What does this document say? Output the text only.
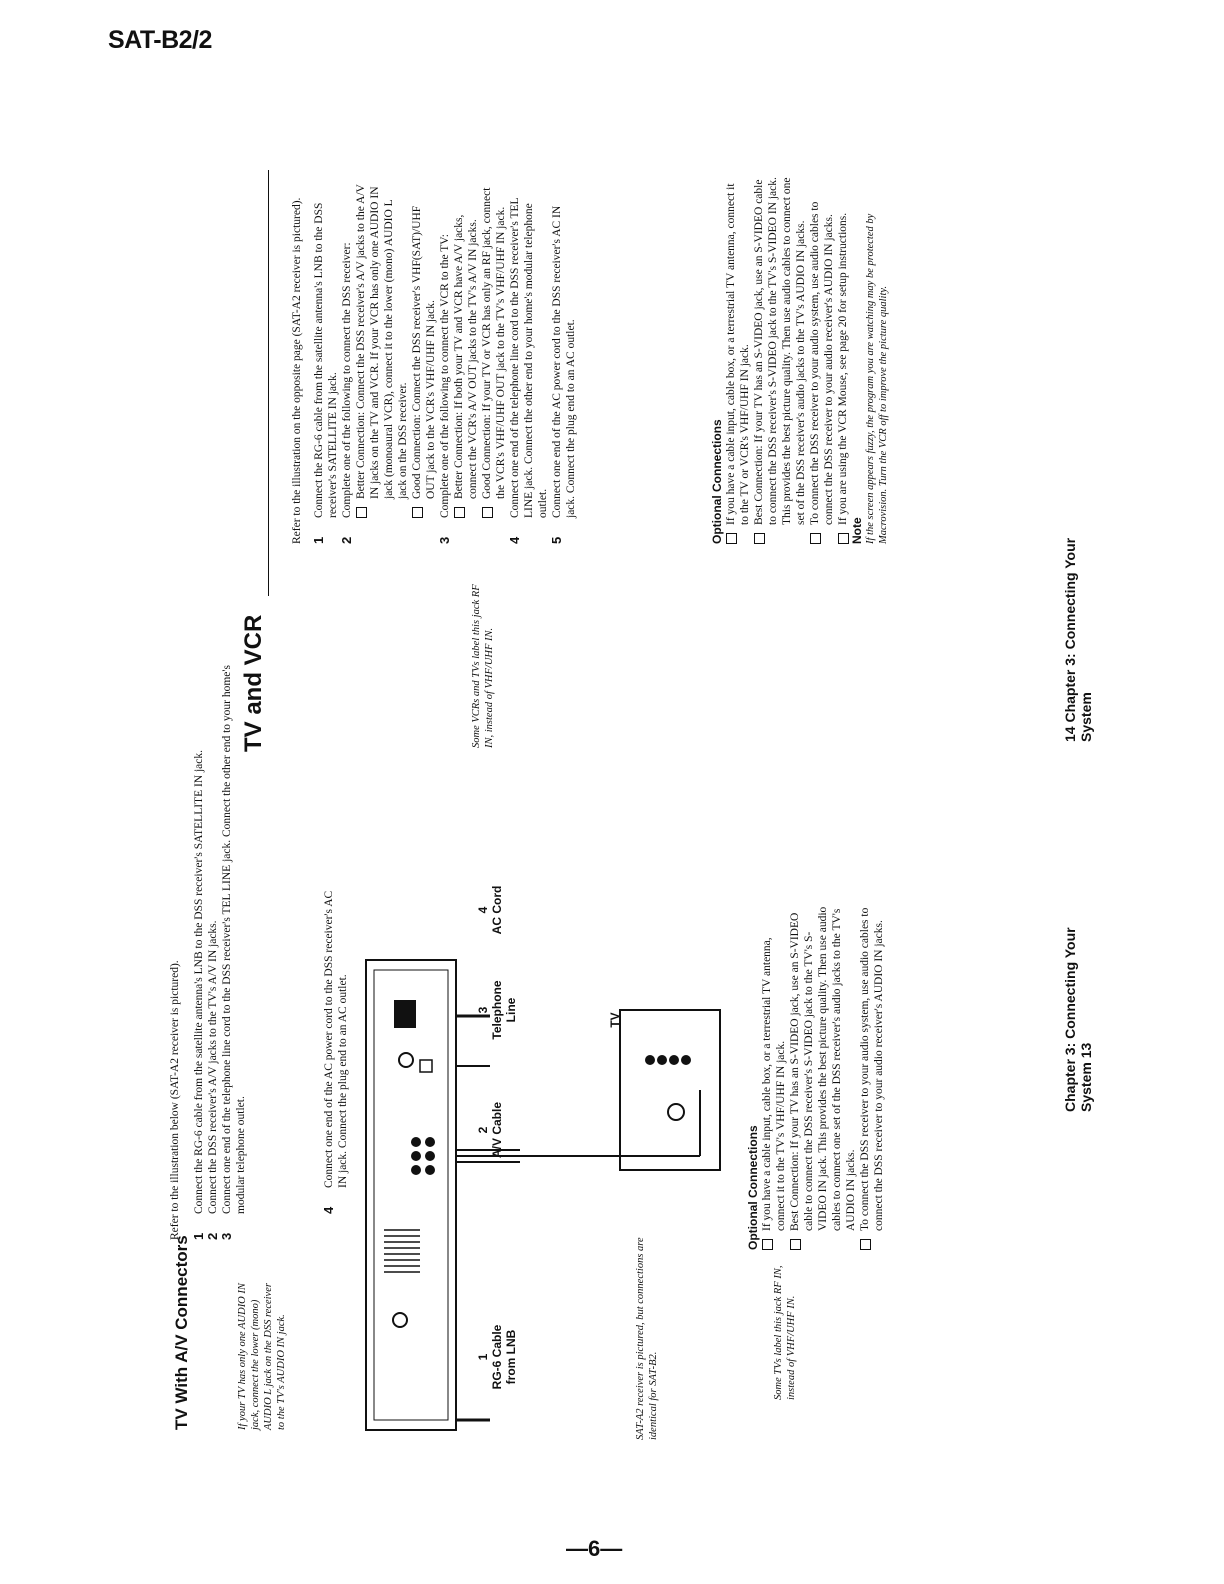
SAT-B2/2
TV With A/V Connectors	If your TV has only one AUDIO IN jack, connect the lower (mono) AUDIO L jack on the DSS receiver to the TV's AUDIO IN jack.

Refer to the illustration below (SAT-A2 receiver is pictured). 1
Connect the RG-6 cable from the satellite antenna's LNB to the DSS receiver's SATELLITE IN jack.
2
Connect the DSS receiver's A/V jacks to the TV's A/V IN jacks.
3
Connect one end of the telephone line cord to the DSS receiver's TEL LINE jack. Connect the other end to your home's modular telephone outlet.	4
Connect one end of the AC power cord to the DSS receiver's AC IN jack. Connect the plug end to an AC outlet.
1
RG-6 Cable
from LNB
2
A/V Cable
3
Telephone
Line
4
AC Cord
TV
SAT-A2 receiver is pictured, but connections are identical for SAT-B2.
Optional Connections If you have a cable input, cable box, or a terrestrial TV antenna, connect it to the TV's VHF/UHF IN jack. Best Connection: If your TV has an S-VIDEO jack, use an S-VIDEO cable to connect the DSS receiver's S-VIDEO jack to the TV's S-VIDEO IN jack. This provides the best picture quality. Then use audio cables to connect one set of the DSS receiver's audio jacks to the TV's AUDIO IN jacks. To connect the DSS receiver to your audio system, use audio cables to connect the DSS receiver to your audio receiver's AUDIO IN jacks.
Some TVs label this jack RF IN, instead of VHF/UHF IN.
Chapter 3: Connecting Your System 13
TV and VCR	Some VCRs and TVs label this jack RF IN, instead of VHF/UHF IN.

Refer to the illustration on the opposite page (SAT-A2 receiver is pictured). 1
Connect the RG-6 cable from the satellite antenna's LNB to the DSS receiver's SATELLITE IN jack.
2
Complete one of the following to connect the DSS receiver: Better Connection: Connect the DSS receiver's A/V jacks to the A/V IN jacks on the TV and VCR. If your VCR has only one AUDIO IN jack (monoaural VCR), connect it to the lower (mono) AUDIO L jack on the DSS receiver. Good Connection: Connect the DSS receiver's VHF(SAT)/UHF OUT jack to the VCR's VHF/UHF IN jack.
3
Complete one of the following to connect the VCR to the TV: Better Connection: If both your TV and VCR have A/V jacks, connect the VCR's A/V OUT jacks to the TV's A/V IN jacks. Good Connection: If your TV or VCR has only an RF jack, connect the VCR's VHF/UHF OUT jack to the TV's VHF/UHF IN jack.
4
Connect one end of the telephone line cord to the DSS receiver's TEL LINE jack. Connect the other end to your home's modular telephone outlet.
5
Connect one end of the AC power cord to the DSS receiver's AC IN jack. Connect the plug end to an AC outlet.	Optional Connections If you have a cable input, cable box, or a terrestrial TV antenna, connect it to the TV or VCR's VHF/UHF IN jack. Best Connection: If your TV has an S-VIDEO jack, use an S-VIDEO cable to connect the DSS receiver's S-VIDEO jack to the TV's S-VIDEO IN jack. This provides the best picture quality. Then use audio cables to connect one set of the DSS receiver's audio jacks to the TV's AUDIO IN jacks. To connect the DSS receiver to your audio system, use audio cables to connect the DSS receiver to your audio receiver's AUDIO IN jacks. If you are using the VCR Mouse, see page 20 for setup instructions.
Note If the screen appears fuzzy, the program you are watching may be protected by Macrovision. Turn the VCR off to improve the picture quality.

14 Chapter 3: Connecting Your System
—6—
